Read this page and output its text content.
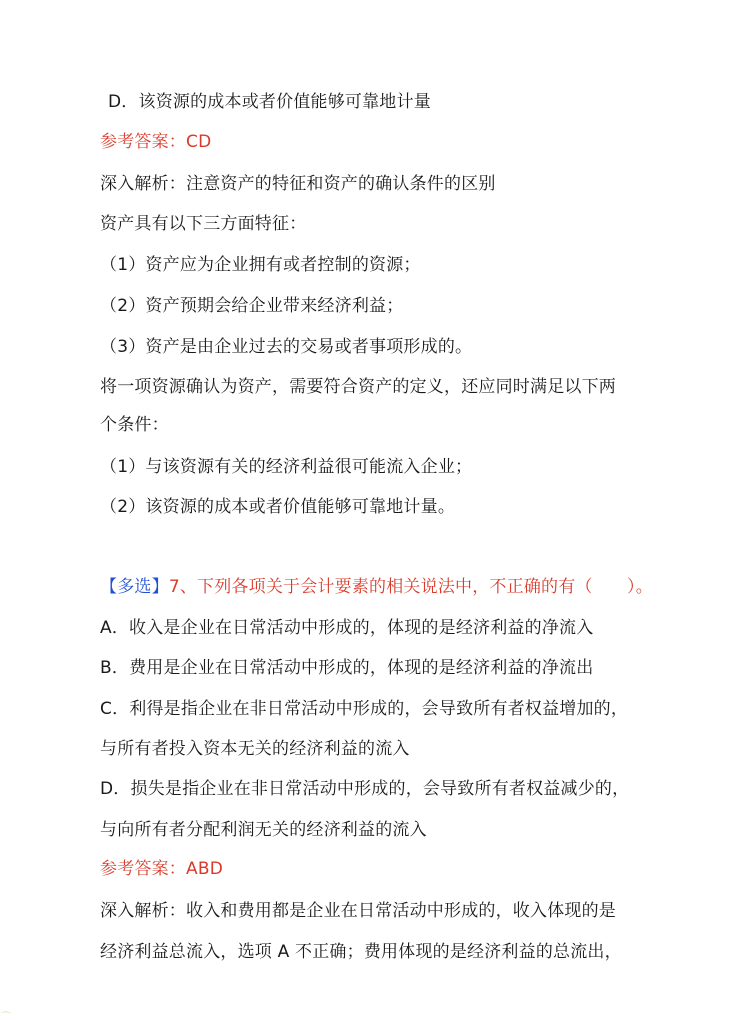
D．该资源的成本或者价值能够可靠地计量
参考答案：CD
深入解析：注意资产的特征和资产的确认条件的区别
资产具有以下三方面特征：
（1）资产应为企业拥有或者控制的资源；
（2）资产预期会给企业带来经济利益；
（3）资产是由企业过去的交易或者事项形成的。
将一项资源确认为资产，需要符合资产的定义，还应同时满足以下两
个条件：
（1）与该资源有关的经济利益很可能流入企业；
（2）该资源的成本或者价值能够可靠地计量。
【多选】7、下列各项关于会计要素的相关说法中，不正确的有（　　）。
A．收入是企业在日常活动中形成的，体现的是经济利益的净流入
B．费用是企业在日常活动中形成的，体现的是经济利益的净流出
C．利得是指企业在非日常活动中形成的，会导致所有者权益增加的，
与所有者投入资本无关的经济利益的流入
D．损失是指企业在非日常活动中形成的，会导致所有者权益减少的，
与向所有者分配利润无关的经济利益的流入
参考答案：ABD
深入解析：收入和费用都是企业在日常活动中形成的，收入体现的是
经济利益总流入，选项 A 不正确；费用体现的是经济利益的总流出，
⁔
